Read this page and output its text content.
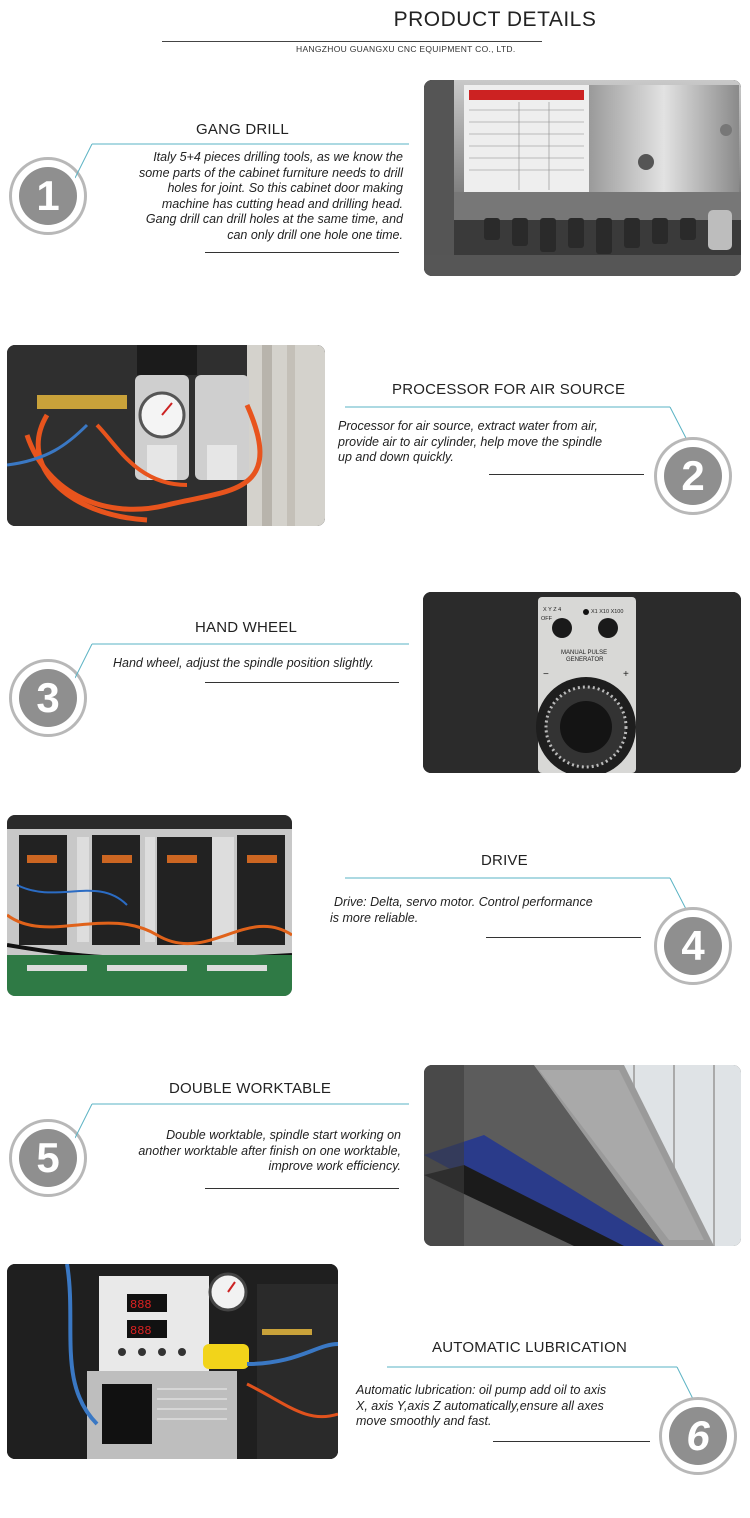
PRODUCT DETAILS
HANGZHOU GUANGXU CNC EQUIPMENT CO., LTD.
1
GANG DRILL
Italy 5+4 pieces drilling tools, as we know the
some parts of the cabinet furniture needs to drill
holes for joint. So this cabinet door making
machine has cutting head and drilling head.
Gang drill can drill holes at the same time, and
can only drill one hole one time.
PROCESSOR FOR AIR SOURCE
Processor for air source, extract water from air,
provide air to air cylinder, help move the spindle
up and down quickly.	2
3
HAND WHEEL
Hand wheel, adjust the spindle position slightly.
X Y Z 4
OFF
X1 X10 X100
MANUAL PULSE
GENERATOR
−	+
DRIVE
Drive: Delta, servo motor. Control performance
is more reliable.
4
5
DOUBLE WORKTABLE
Double worktable, spindle start working on
another worktable after finish on one worktable,
improve work efficiency.
888
888
AUTOMATIC LUBRICATION
Automatic lubrication: oil pump add oil to axis
X, axis Y,axis Z automatically,ensure all axes
move smoothly and fast.	6
